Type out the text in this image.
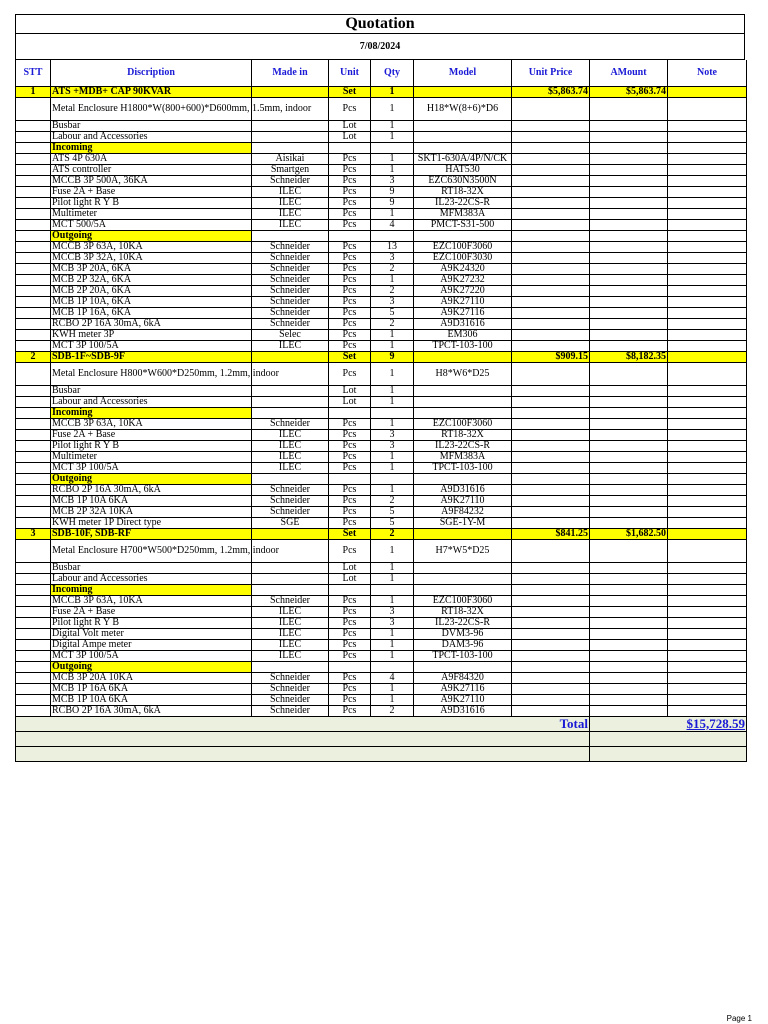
Quotation
7/08/2024
STT	Discription	Made in	Unit	Qty	Model	Unit Price	AMount	Note
1	ATS +MDB+ CAP 90KVAR		Set	1		$5,863.74	$5,863.74	
	Metal Enclosure H1800*W(800+600)*D600mm, 1.5mm, indoor		Pcs	1	H18*W(8+6)*D6			
	Busbar		Lot	1				
	Labour and Accessories		Lot	1				
	Incoming							
	ATS 4P 630A	Aisikai	Pcs	1	SKT1-630A/4P/N/CK			
	ATS controller	Smartgen	Pcs	1	HAT530			
	MCCB 3P 500A, 36KA	Schneider	Pcs	3	EZC630N3500N			
	Fuse 2A + Base	ILEC	Pcs	9	RT18-32X			
	Pilot light R Y B	ILEC	Pcs	9	IL23-22CS-R			
	Multimeter	ILEC	Pcs	1	MFM383A			
	MCT 500/5A	ILEC	Pcs	4	PMCT-S31-500			
	Outgoing							
	MCCB 3P 63A, 10KA	Schneider	Pcs	13	EZC100F3060			
	MCCB 3P 32A, 10KA	Schneider	Pcs	3	EZC100F3030			
	MCB 3P 20A, 6KA	Schneider	Pcs	2	A9K24320			
	MCB 2P 32A, 6KA	Schneider	Pcs	1	A9K27232			
	MCB 2P 20A, 6KA	Schneider	Pcs	2	A9K27220			
	MCB 1P 10A, 6KA	Schneider	Pcs	3	A9K27110			
	MCB 1P 16A, 6KA	Schneider	Pcs	5	A9K27116			
	RCBO 2P 16A 30mA, 6kA	Schneider	Pcs	2	A9D31616			
	KWH meter 3P	Selec	Pcs	1	EM306			
	MCT 3P 100/5A	ILEC	Pcs	1	TPCT-103-100			
2	SDB-1F~SDB-9F		Set	9		$909.15	$8,182.35	
	Metal Enclosure H800*W600*D250mm, 1.2mm, indoor		Pcs	1	H8*W6*D25			
	Busbar		Lot	1				
	Labour and Accessories		Lot	1				
	Incoming							
	MCCB 3P 63A, 10KA	Schneider	Pcs	1	EZC100F3060			
	Fuse 2A + Base	ILEC	Pcs	3	RT18-32X			
	Pilot light R Y B	ILEC	Pcs	3	IL23-22CS-R			
	Multimeter	ILEC	Pcs	1	MFM383A			
	MCT 3P 100/5A	ILEC	Pcs	1	TPCT-103-100			
	Outgoing							
	RCBO 2P 16A 30mA, 6kA	Schneider	Pcs	1	A9D31616			
	MCB 1P 10A 6KA	Schneider	Pcs	2	A9K27110			
	MCB 2P 32A 10KA	Schneider	Pcs	5	A9F84232			
	KWH meter 1P Direct type	SGE	Pcs	5	SGE-1Y-M			
3	SDB-10F, SDB-RF		Set	2		$841.25	$1,682.50	
	Metal Enclosure H700*W500*D250mm, 1.2mm, indoor		Pcs	1	H7*W5*D25			
	Busbar		Lot	1				
	Labour and Accessories		Lot	1				
	Incoming							
	MCCB 3P 63A, 10KA	Schneider	Pcs	1	EZC100F3060			
	Fuse 2A + Base	ILEC	Pcs	3	RT18-32X			
	Pilot light R Y B	ILEC	Pcs	3	IL23-22CS-R			
	Digital Volt meter	ILEC	Pcs	1	DVM3-96			
	Digital Ampe meter	ILEC	Pcs	1	DAM3-96			
	MCT 3P 100/5A	ILEC	Pcs	1	TPCT-103-100			
	Outgoing							
	MCB 3P 20A 10KA	Schneider	Pcs	4	A9F84320			
	MCB 1P 16A 6KA	Schneider	Pcs	1	A9K27116			
	MCB 1P 10A 6KA	Schneider	Pcs	1	A9K27110			
	RCBO 2P 16A 30mA, 6kA	Schneider	Pcs	2	A9D31616			
Total							$15,728.59	

Page 1
